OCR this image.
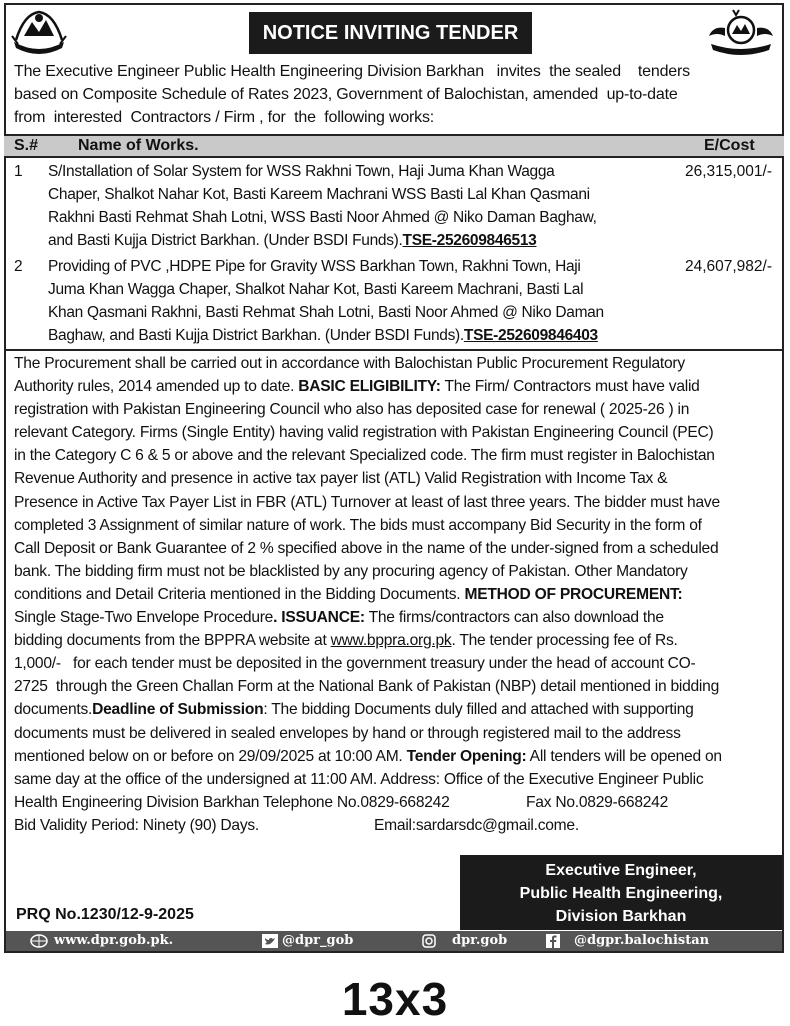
NOTICE INVITING TENDER
The Executive Engineer Public Health Engineering Division Barkhan   invites  the sealed    tenders
based on Composite Schedule of Rates 2023, Government of Balochistan, amended  up-to-date
from  interested  Contractors / Firm , for  the  following works:
S.# Name of Works.	E/Cost
1 S/Installation of Solar System for WSS Rakhni Town, Haji Juma Khan Wagga
Chaper, Shalkot Nahar Kot, Basti Kareem Machrani WSS Basti Lal Khan Qasmani
Rakhni Basti Rehmat Shah Lotni, WSS Basti Noor Ahmed @ Niko Daman Baghaw,
and Basti Kujja District Barkhan. (Under BSDI Funds).TSE-252609846513
26,315,001/-
2 Providing of PVC ,HDPE Pipe for Gravity WSS Barkhan Town, Rakhni Town, Haji
Juma Khan Wagga Chaper, Shalkot Nahar Kot, Basti Kareem Machrani, Basti Lal
Khan Qasmani Rakhni, Basti Rehmat Shah Lotni, Basti Noor Ahmed @ Niko Daman
Baghaw, and Basti Kujja District Barkhan. (Under BSDI Funds).TSE-252609846403
24,607,982/-
The Procurement shall be carried out in accordance with Balochistan Public Procurement Regulatory
Authority rules, 2014 amended up to date. BASIC ELIGIBILITY: The Firm/ Contractors must have valid
registration with Pakistan Engineering Council who also has deposited case for renewal ( 2025-26 ) in
relevant Category. Firms (Single Entity) having valid registration with Pakistan Engineering Council (PEC)
in the Category C 6 & 5 or above and the relevant Specialized code. The firm must register in Balochistan
Revenue Authority and presence in active tax payer list (ATL) Valid Registration with Income Tax &
Presence in Active Tax Payer List in FBR (ATL) Turnover at least of last three years. The bidder must have
completed 3 Assignment of similar nature of work. The bids must accompany Bid Security in the form of
Call Deposit or Bank Guarantee of 2 % specified above in the name of the under-signed from a scheduled
bank. The bidding firm must not be blacklisted by any procuring agency of Pakistan. Other Mandatory
conditions and Detail Criteria mentioned in the Bidding Documents. METHOD OF PROCUREMENT:
Single Stage-Two Envelope Procedure. ISSUANCE: The firms/contractors can also download the
bidding documents from the BPPRA website at www.bppra.org.pk. The tender processing fee of Rs.
1,000/-   for each tender must be deposited in the government treasury under the head of account CO-
2725  through the Green Challan Form at the National Bank of Pakistan (NBP) detail mentioned in bidding
documents.Deadline of Submission: The bidding Documents duly filled and attached with supporting
documents must be delivered in sealed envelopes by hand or through registered mail to the address
mentioned below on or before on 29/09/2025 at 10:00 AM. Tender Opening: All tenders will be opened on
same day at the office of the undersigned at 11:00 AM. Address: Office of the Executive Engineer Public
Health Engineering Division Barkhan Telephone No.0829-668242	Fax No.0829-668242
Bid Validity Period: Ninety (90) Days.	Email:sardarsdc@gmail.come.
Executive Engineer,
Public Health Engineering,
Division Barkhan
PRQ No.1230/12-9-2025
www.dpr.gob.pk.	@dpr_gob	dpr.gob	@dgpr.balochistan
13x3
